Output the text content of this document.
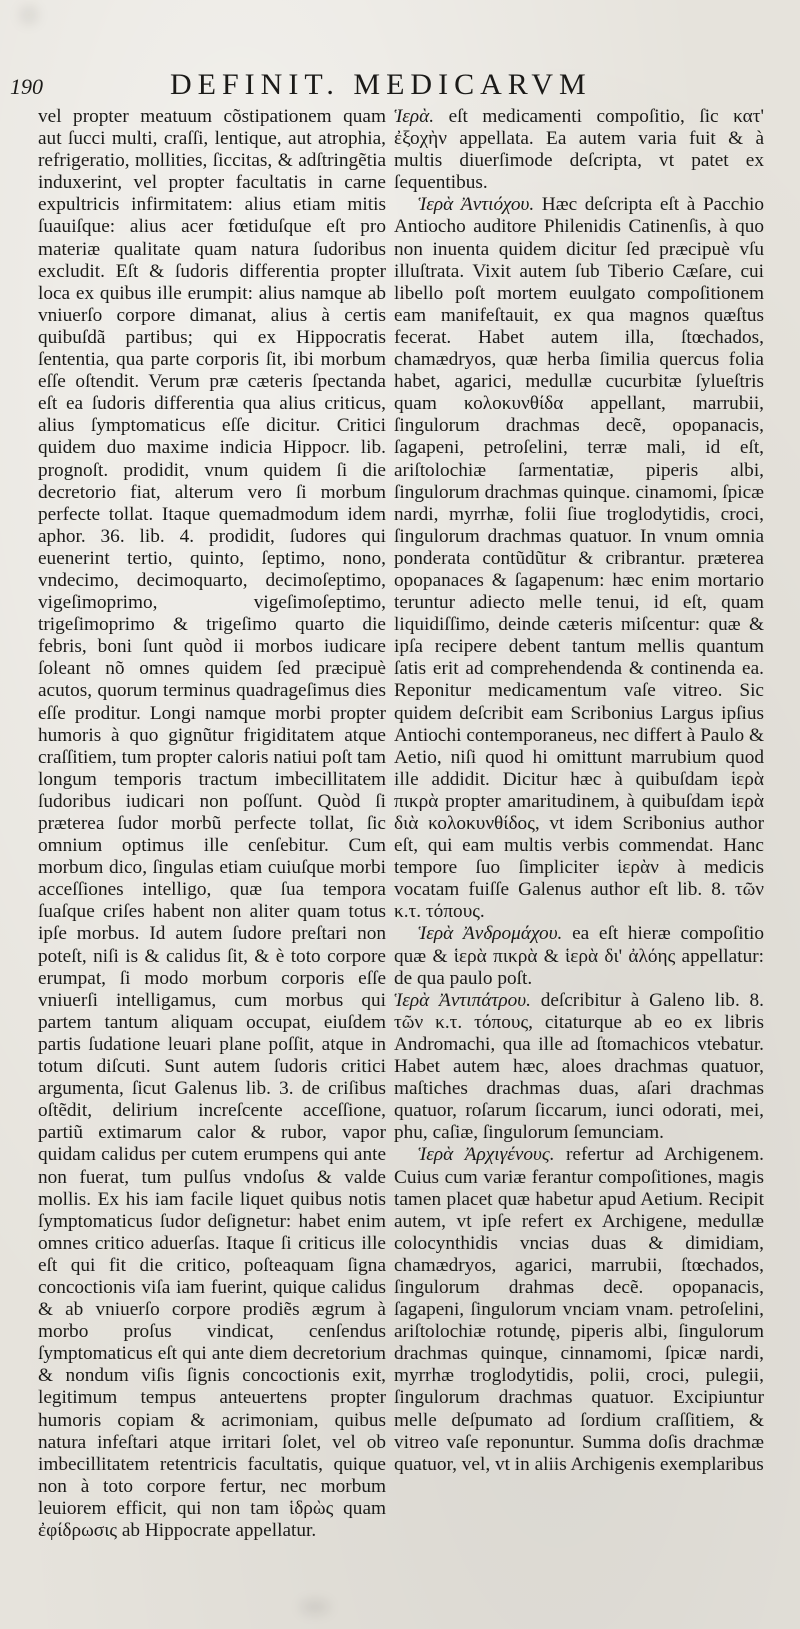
190	DEFINIT. MEDICARVM

vel propter meatuum cõstipationem quam aut ſucci multi, craſſi, lentique, aut atrophia, refrigeratio, mollities, ſiccitas, & adſtringẽtia induxerint, vel propter facultatis in carne expultricis infirmitatem: alius etiam mitis ſuauiſque: alius acer fœtiduſque eſt pro materiæ qualitate quam natura ſudoribus excludit. Eſt & ſudoris differentia propter loca ex quibus ille erumpit: alius namque ab vniuerſo corpore dimanat, alius à certis quibuſdã partibus; qui ex Hippocratis ſententia, qua parte corporis ſit, ibi morbum eſſe oſtendit. Verum præ cæteris ſpectanda eſt ea ſudoris differentia qua alius criticus, alius ſymptomaticus eſſe dicitur. Critici quidem duo maxime indicia Hippocr. lib. prognoſt. prodidit, vnum quidem ſi die decretorio fiat, alterum vero ſi morbum perfecte tollat. Itaque quemadmodum idem aphor. 36. lib. 4. prodidit, ſudores qui euenerint tertio, quinto, ſeptimo, nono, vndecimo, decimoquarto, decimoſeptimo, vigeſimoprimo, vigeſimoſeptimo, trigeſimoprimo & trigeſimo quarto die febris, boni ſunt quòd ii morbos iudicare ſoleant nõ omnes quidem ſed præcipuè acutos, quorum terminus quadrageſimus dies eſſe proditur. Longi namque morbi propter humoris à quo gignũtur frigiditatem atque craſſitiem, tum propter caloris natiui poſt tam longum temporis tractum imbecillitatem ſudoribus iudicari non poſſunt. Quòd ſi præterea ſudor morbũ perfecte tollat, ſic omnium optimus ille cenſebitur. Cum morbum dico, ſingulas etiam cuiuſque morbi acceſſiones intelligo, quæ ſua tempora ſuaſque criſes habent non aliter quam totus ipſe morbus. Id autem ſudore preſtari non poteſt, niſi is & calidus ſit, & è toto corpore erumpat, ſi modo morbum corporis eſſe vniuerſi intelligamus, cum morbus qui partem tantum aliquam occupat, eiuſdem partis ſudatione leuari plane poſſit, atque in totum diſcuti. Sunt autem ſudoris critici argumenta, ſicut Galenus lib. 3. de criſibus oſtẽdit, delirium increſcente acceſſione, partiũ extimarum calor & rubor, vapor quidam calidus per cutem erumpens qui ante non fuerat, tum pulſus vndoſus & valde mollis. Ex his iam facile liquet quibus notis ſymptomaticus ſudor deſignetur: habet enim omnes critico aduerſas. Itaque ſi criticus ille eſt qui fit die critico, poſteaquam ſigna concoctionis viſa iam fuerint, quique calidus & ab vniuerſo corpore prodiẽs ægrum à morbo proſus vindicat, cenſendus ſymptomaticus eſt qui ante diem decretorium & nondum viſis ſignis concoctionis exit, legitimum tempus anteuertens propter humoris copiam & acrimoniam, quibus natura infeſtari atque irritari ſolet, vel ob imbecillitatem retentricis facultatis, quique non à toto corpore fertur, nec morbum leuiorem efficit, qui non tam ἱδρὼς quam ἐφίδρωσις ab Hippocrate appellatur.

Ἱερὰ. eſt medicamenti compoſitio, ſic κατ' ἐξοχὴν appellata. Ea autem varia fuit & à multis diuerſimode deſcripta, vt patet ex ſequentibus.

Ἱερὰ Ἀντιόχου. Hæc deſcripta eſt à Pacchio Antiocho auditore Philenidis Catinenſis, à quo non inuenta quidem dicitur ſed præcipuè vſu illuſtrata. Vixit autem ſub Tiberio Cæſare, cui libello poſt mortem euulgato compoſitionem eam manifeſtauit, ex qua magnos quæſtus fecerat. Habet autem illa, ſtœchados, chamædryos, quæ herba ſimilia quercus folia habet, agarici, medullæ cucurbitæ ſylueſtris quam κολοκυνθίδα appellant, marrubii, ſingulorum drachmas decẽ, opopanacis, ſagapeni, petroſelini, terræ mali, id eſt, ariſtolochiæ ſarmentatiæ, piperis albi, ſingulorum drachmas quinque. cinamomi, ſpicæ nardi, myrrhæ, folii ſiue troglodytidis, croci, ſingulorum drachmas quatuor. In vnum omnia ponderata contũdũtur & cribrantur. præterea opopanaces & ſagapenum: hæc enim mortario teruntur adiecto melle tenui, id eſt, quam liquidiſſimo, deinde cæteris miſcentur: quæ & ipſa recipere debent tantum mellis quantum ſatis erit ad comprehendenda & continenda ea. Reponitur medicamentum vaſe vitreo. Sic quidem deſcribit eam Scribonius Largus ipſius Antiochi contemporaneus, nec differt à Paulo & Aetio, niſi quod hi omittunt marrubium quod ille addidit. Dicitur hæc à quibuſdam ἱερὰ πικρὰ propter amaritudinem, à quibuſdam ἱερὰ διὰ κολοκυνθίδος, vt idem Scribonius author eſt, qui eam multis verbis commendat. Hanc tempore ſuo ſimpliciter ἱερὰν à medicis vocatam fuiſſe Galenus author eſt lib. 8. τῶν κ.τ. τόπους.

Ἱερὰ Ἀνδρομάχου. ea eſt hieræ compoſitio quæ & ἱερὰ πικρὰ & ἱερὰ δι' ἀλόης appellatur: de qua paulo poſt.

Ἱερὰ Ἀντιπάτρου. deſcribitur à Galeno lib. 8. τῶν κ.τ. τόπους, citaturque ab eo ex libris Andromachi, qua ille ad ſtomachicos vtebatur. Habet autem hæc, aloes drachmas quatuor, maſtiches drachmas duas, aſari drachmas quatuor, roſarum ſiccarum, iunci odorati, mei, phu, caſiæ, ſingulorum ſemunciam.

Ἱερὰ Ἀρχιγένους. refertur ad Archigenem. Cuius cum variæ ferantur compoſitiones, magis tamen placet quæ habetur apud Aetium. Recipit autem, vt ipſe refert ex Archigene, medullæ colocynthidis vncias duas & dimidiam, chamædryos, agarici, marrubii, ſtœchados, ſingulorum drahmas decẽ. opopanacis, ſagapeni, ſingulorum vnciam vnam. petroſelini, ariſtolochiæ rotundę, piperis albi, ſingulorum drachmas quinque, cinnamomi, ſpicæ nardi, myrrhæ troglodytidis, polii, croci, pulegii, ſingulorum drachmas quatuor. Excipiuntur melle deſpumato ad ſordium craſſitiem, & vitreo vaſe reponuntur. Summa doſis drachmæ quatuor, vel, vt in aliis Archigenis exemplaribus
